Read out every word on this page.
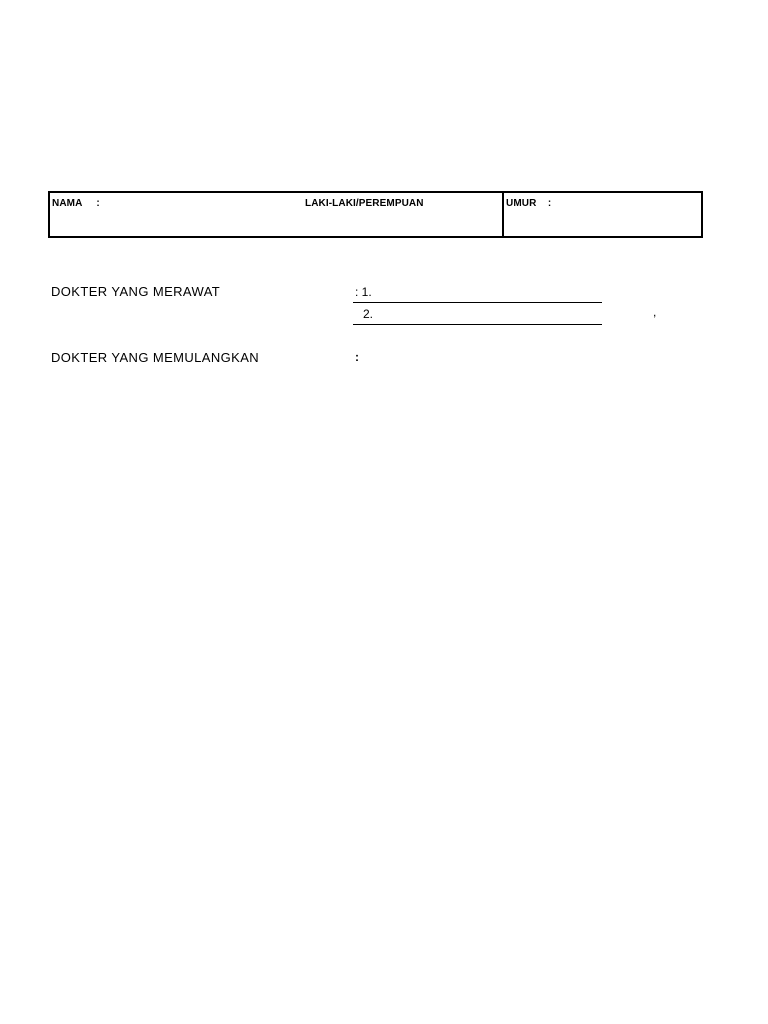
NAMA     :	LAKI-LAKI/PEREMPUAN	UMUR    :
DOKTER YANG MERAWAT	: 1.
2.	,
DOKTER YANG MEMULANGKAN	:
